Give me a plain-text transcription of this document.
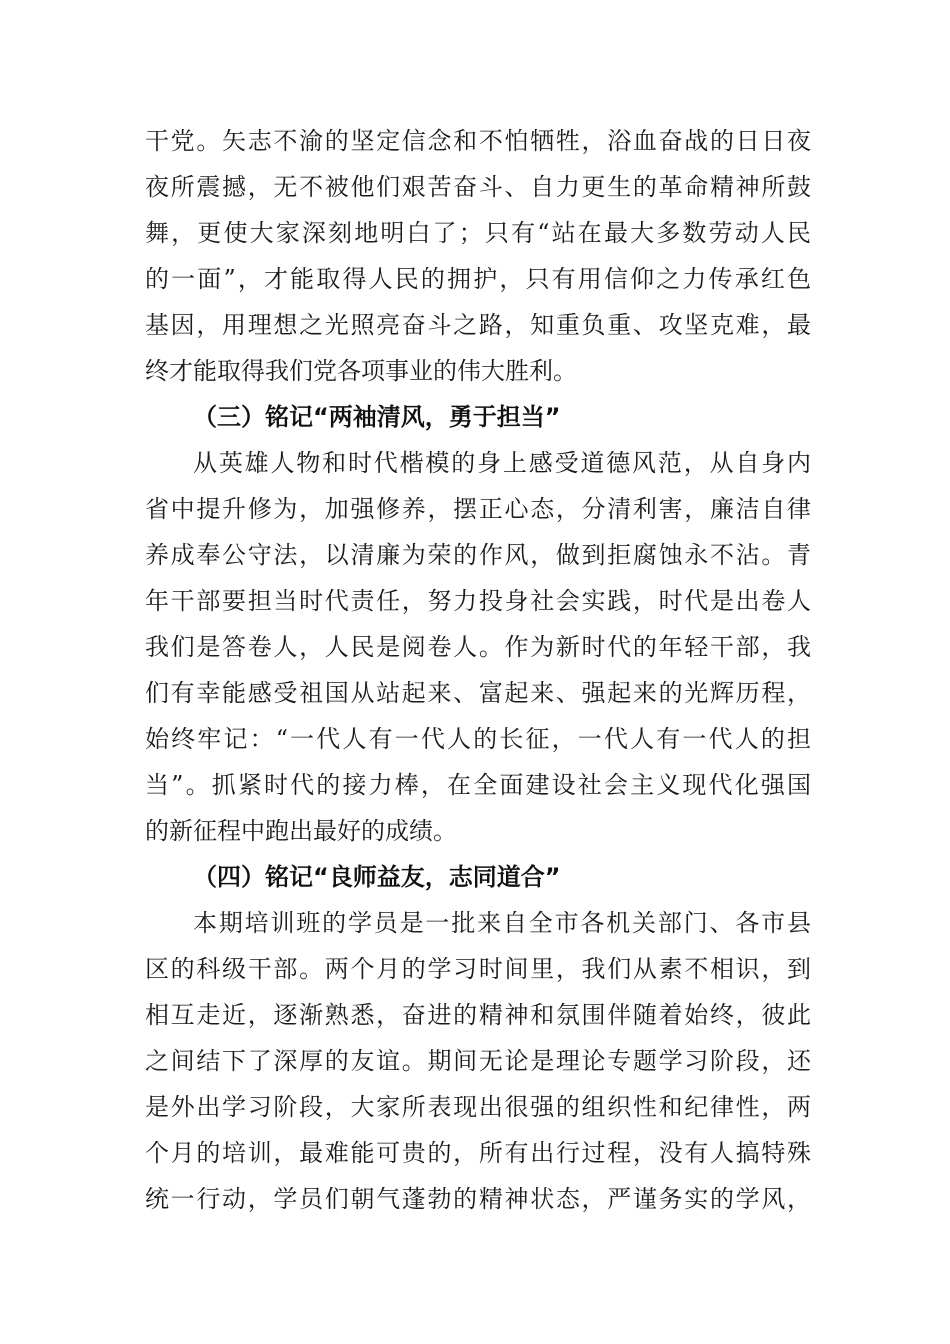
干党。矢志不渝的坚定信念和不怕牺牲，浴血奋战的日日夜
夜所震撼，无不被他们艰苦奋斗、自力更生的革命精神所鼓
舞，更使大家深刻地明白了；只有“站在最大多数劳动人民
的一面”，才能取得人民的拥护，只有用信仰之力传承红色
基因，用理想之光照亮奋斗之路，知重负重、攻坚克难，最
终才能取得我们党各项事业的伟大胜利。
（三）铭记“两袖清风，勇于担当”
从英雄人物和时代楷模的身上感受道德风范，从自身内
省中提升修为，加强修养，摆正心态，分清利害，廉洁自律
养成奉公守法，以清廉为荣的作风，做到拒腐蚀永不沾。青
年干部要担当时代责任，努力投身社会实践，时代是出卷人
我们是答卷人，人民是阅卷人。作为新时代的年轻干部，我
们有幸能感受祖国从站起来、富起来、强起来的光辉历程，
始终牢记：“一代人有一代人的长征，一代人有一代人的担
当”。抓紧时代的接力棒，在全面建设社会主义现代化强国
的新征程中跑出最好的成绩。
（四）铭记“良师益友，志同道合”
本期培训班的学员是一批来自全市各机关部门、各市县
区的科级干部。两个月的学习时间里，我们从素不相识，到
相互走近，逐渐熟悉，奋进的精神和氛围伴随着始终，彼此
之间结下了深厚的友谊。期间无论是理论专题学习阶段，还
是外出学习阶段，大家所表现出很强的组织性和纪律性，两
个月的培训，最难能可贵的，所有出行过程，没有人搞特殊
统一行动，学员们朝气蓬勃的精神状态，严谨务实的学风，
